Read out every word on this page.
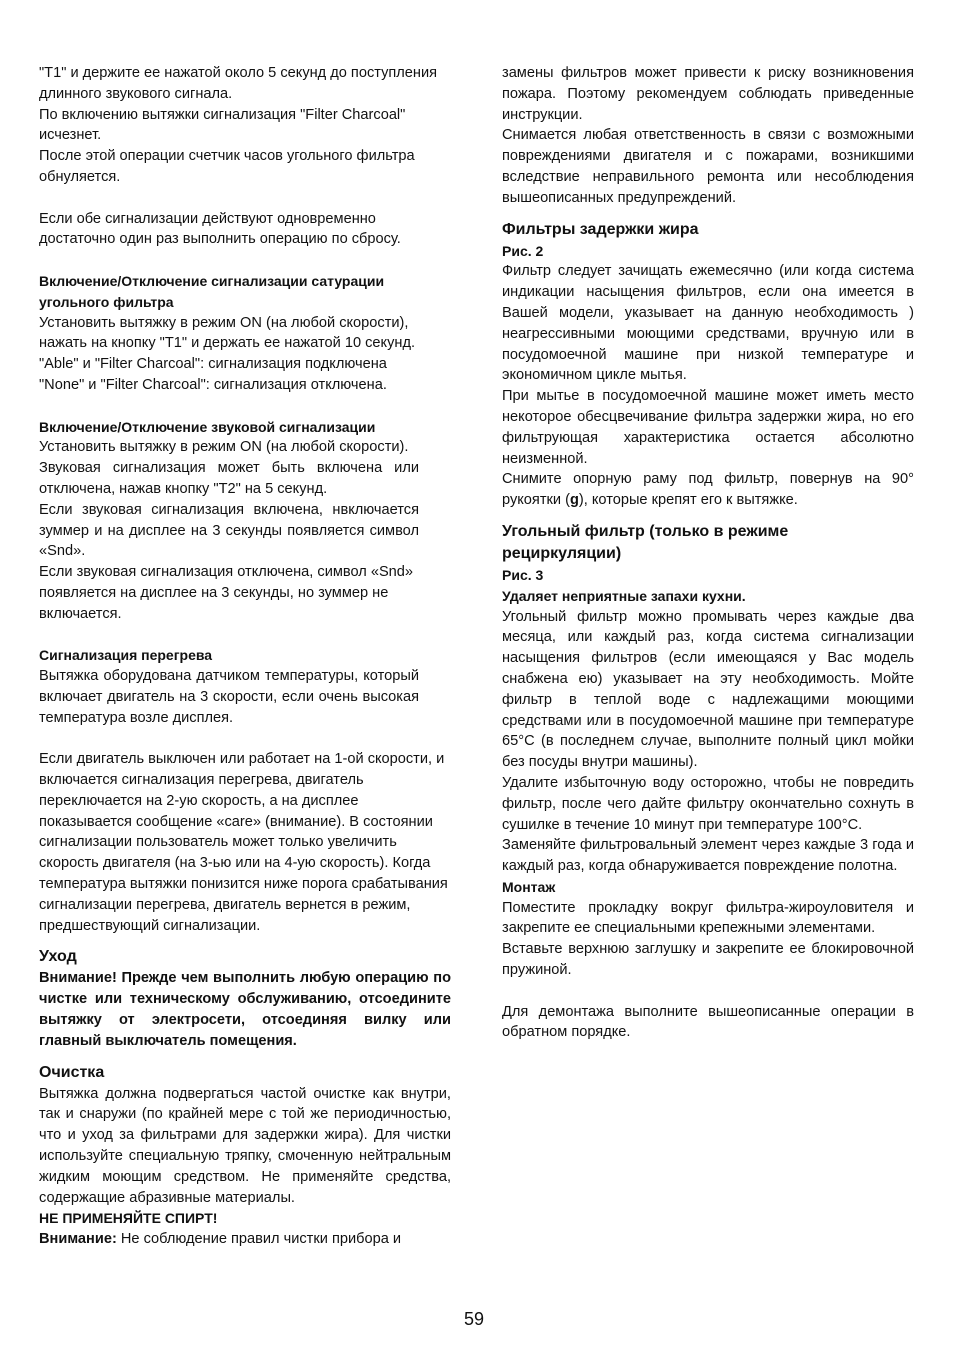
"T1" и держите ее нажатой около 5 секунд до поступления длинного звукового сигнала.

По включению вытяжки сигнализация "Filter Charcoal" исчезнет.

После этой операции счетчик часов угольного фильтра обнуляется.

Если обе сигнализации действуют одновременно достаточно один раз выполнить операцию по сбросу.

Включение/Отключение сигнализации сатурации угольного фильтра

Установить вытяжку в режим ON (на любой скорости), нажать на кнопку "T1" и держать ее нажатой 10 секунд.

"Able" и "Filter Charcoal": сигнализация подключена

"None" и "Filter Charcoal": сигнализация отключена.

Включение/Отключение звуковой сигнализации

Установить вытяжку в режим ON (на любой скорости).

Звуковая сигнализация может быть включена или отключена, нажав кнопку "T2" на 5 секунд.

Если звуковая сигнализация включена, нвключается зуммер и на дисплее на 3 секунды появляется символ «Snd».

Если звуковая сигнализация отключена, символ «Snd» появляется на дисплее на 3 секунды, но зуммер не включается.

Сигнализация перегрева

Вытяжка оборудована датчиком температуры, который включает двигатель на 3 скорости, если очень высокая температура возле дисплея.

Если двигатель выключен или работает на 1-ой скорости, и включается сигнализация перегрева, двигатель переключается на 2-ую скорость, а на дисплее показывается сообщение «care» (внимание). В состоянии сигнализации пользователь может только увеличить скорость двигателя (на 3-ью или на 4-ую скорость). Когда температура вытяжки понизится ниже порога срабатывания сигнализации перегрева, двигатель вернется в режим, предшествующий сигнализации.

Уход

Внимание! Прежде чем выполнить любую операцию по чистке или техническому обслуживанию, отсоедините вытяжку от электросети, отсоединяя вилку или главный выключатель помещения.

Очистка

Вытяжка должна подвергаться частой очистке как внутри, так и снаружи (по крайней мере с той же периодичностью, что и уход за фильтрами для задержки жира). Для чистки используйте специальную тряпку, смоченную нейтральным жидким моющим средством. Не применяйте средства, содержащие абразивные материалы.

НЕ ПРИМЕНЯЙТЕ СПИРТ!

Внимание: Не соблюдение правил чистки прибора и

замены фильтров может привести к риску возникновения пожара. Поэтому рекомендуем соблюдать приведенные инструкции.

Снимается любая ответственность в связи с возможными повреждениями двигателя и с пожарами, возникшими вследствие неправильного ремонта или несоблюдения вышеописанных предупреждений.

Фильтры задержки жира

Рис. 2

Фильтр следует зачищать ежемесячно (или когда система индикации насыщения фильтров, если она имеется в Вашей модели, указывает на данную необходимость ) неагрессивными моющими средствами, вручную или в посудомоечной машине при низкой температуре и экономичном цикле мытья.

При мытье в посудомоечной машине может иметь место некоторое обесцвечивание фильтра задержки жира, но его фильтрующая характеристика остается абсолютно неизменной.

Снимите опорную раму под фильтр, повернув на 90° рукоятки (g), которые крепят его к вытяжке.

Угольный фильтр (только в режиме рециркуляции)

Рис. 3

Удаляет неприятные запахи кухни.

Угольный фильтр можно промывать через каждые два месяца, или каждый раз, когда система сигнализации насыщения фильтров (если имеющаяся у Вас модель снабжена ею) указывает на эту необходимость. Мойте фильтр в теплой воде с надлежащими моющими средствами или в посудомоечной машине при температуре 65°C (в последнем случае, выполните полный цикл мойки без посуды внутри машины).

Удалите избыточную воду осторожно, чтобы не повредить фильтр, после чего дайте фильтру окончательно сохнуть в сушилке в течение 10 минут при температуре 100°C.

Заменяйте фильтровальный элемент через каждые 3 года и каждый раз, когда обнаруживается повреждение полотна.

Монтаж

Поместите прокладку вокруг фильтра-жироуловителя и закрепите ее специальными крепежными элементами.

Вставьте верхнюю заглушку и закрепите ее блокировочной пружиной.

Для демонтажа выполните вышеописанные операции в обратном порядке.

59
